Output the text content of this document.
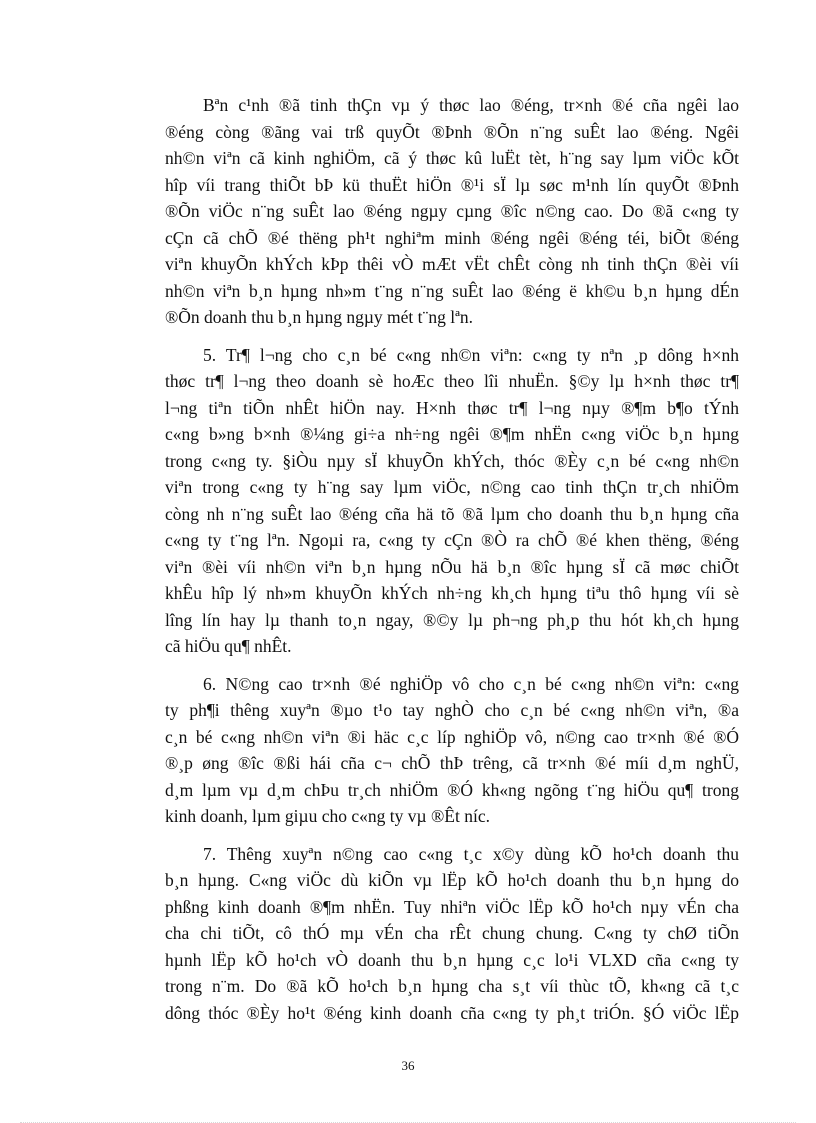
Bªn c¹nh ®ã tinh thÇn vµ ý thøc lao ®éng, tr×nh ®é cña ngêi lao
®éng còng ®ãng vai trß quyÕt ®Þnh ®Õn n¨ng suÊt lao ®éng. Ngêi
nh©n viªn cã kinh nghiÖm, cã ý thøc kû luËt tèt, h¨ng say lµm viÖc kÕt
hîp víi trang thiÕt bÞ kü thuËt hiÖn ®¹i sÏ lµ søc m¹nh lín quyÕt ®Þnh
®Õn viÖc n¨ng suÊt lao ®éng ngµy cµng ®îc n©ng cao. Do ®ã c«ng ty
cÇn cã chÕ ®é thëng ph¹t nghiªm minh ®éng ngêi ®éng téi, biÕt ®éng
viªn khuyÕn khÝch kÞp thêi vÒ mÆt vËt chÊt còng nh tinh thÇn ®èi víi
nh©n viªn b¸n hµng nh»m t¨ng n¨ng suÊt lao ®éng ë kh©u b¸n hµng dÉn
®Õn doanh thu b¸n hµng ngµy mét t¨ng lªn.
5. Tr¶ l¬ng cho c¸n bé c«ng nh©n viªn: c«ng ty nªn ¸p dông h×nh
thøc tr¶ l¬ng theo doanh sè hoÆc theo lîi nhuËn. §©y lµ h×nh thøc tr¶
l¬ng tiªn tiÕn nhÊt hiÖn nay. H×nh thøc tr¶ l¬ng nµy ®¶m b¶o tÝnh
c«ng b»ng b×nh ®¼ng gi÷a nh÷ng ngêi ®¶m nhËn c«ng viÖc b¸n hµng
trong c«ng ty. §iÒu nµy sÏ khuyÕn khÝch, thóc ®Èy c¸n bé c«ng nh©n
viªn trong c«ng ty h¨ng say lµm viÖc, n©ng cao tinh thÇn tr¸ch nhiÖm
còng nh n¨ng suÊt lao ®éng cña hä tõ ®ã lµm cho doanh thu b¸n hµng cña
c«ng ty t¨ng lªn. Ngoµi ra, c«ng ty cÇn ®Ò ra chÕ ®é khen thëng, ®éng
viªn ®èi víi nh©n viªn b¸n hµng nÕu hä b¸n ®îc hµng sÏ cã møc chiÕt
khÊu hîp lý nh»m khuyÕn khÝch nh÷ng kh¸ch hµng tiªu thô hµng víi sè
lîng lín hay lµ thanh to¸n ngay, ®©y lµ ph¬ng ph¸p thu hót kh¸ch hµng
cã hiÖu qu¶ nhÊt.
6. N©ng cao tr×nh ®é nghiÖp vô cho c¸n bé c«ng nh©n viªn: c«ng
ty ph¶i thêng xuyªn ®µo t¹o tay nghÒ cho c¸n bé c«ng nh©n viªn, ®a
c¸n bé c«ng nh©n viªn ®i häc c¸c líp nghiÖp vô, n©ng cao tr×nh ®é ®Ó
®¸p øng ®îc ®ßi hái cña c¬ chÕ thÞ trêng, cã tr×nh ®é míi d¸m nghÜ,
d¸m lµm vµ d¸m chÞu tr¸ch nhiÖm ®Ó kh«ng ngõng t¨ng hiÖu qu¶ trong
kinh doanh, lµm giµu cho c«ng ty vµ ®Êt níc.
7. Thêng xuyªn n©ng cao c«ng t¸c x©y dùng kÕ ho¹ch doanh thu
b¸n hµng. C«ng viÖc dù kiÕn vµ lËp kÕ ho¹ch doanh thu b¸n hµng do
phßng kinh doanh ®¶m nhËn. Tuy nhiªn viÖc lËp kÕ ho¹ch nµy vÉn cha
cha chi tiÕt, cô thÓ mµ vÉn cha rÊt chung chung. C«ng ty chØ tiÕn
hµnh lËp kÕ ho¹ch vÒ doanh thu b¸n hµng c¸c lo¹i VLXD cña c«ng ty
trong n¨m. Do ®ã kÕ ho¹ch b¸n hµng cha s¸t víi thùc tÕ, kh«ng cã t¸c
dông thóc ®Èy ho¹t ®éng kinh doanh cña c«ng ty ph¸t triÓn. §Ó viÖc lËp
36
